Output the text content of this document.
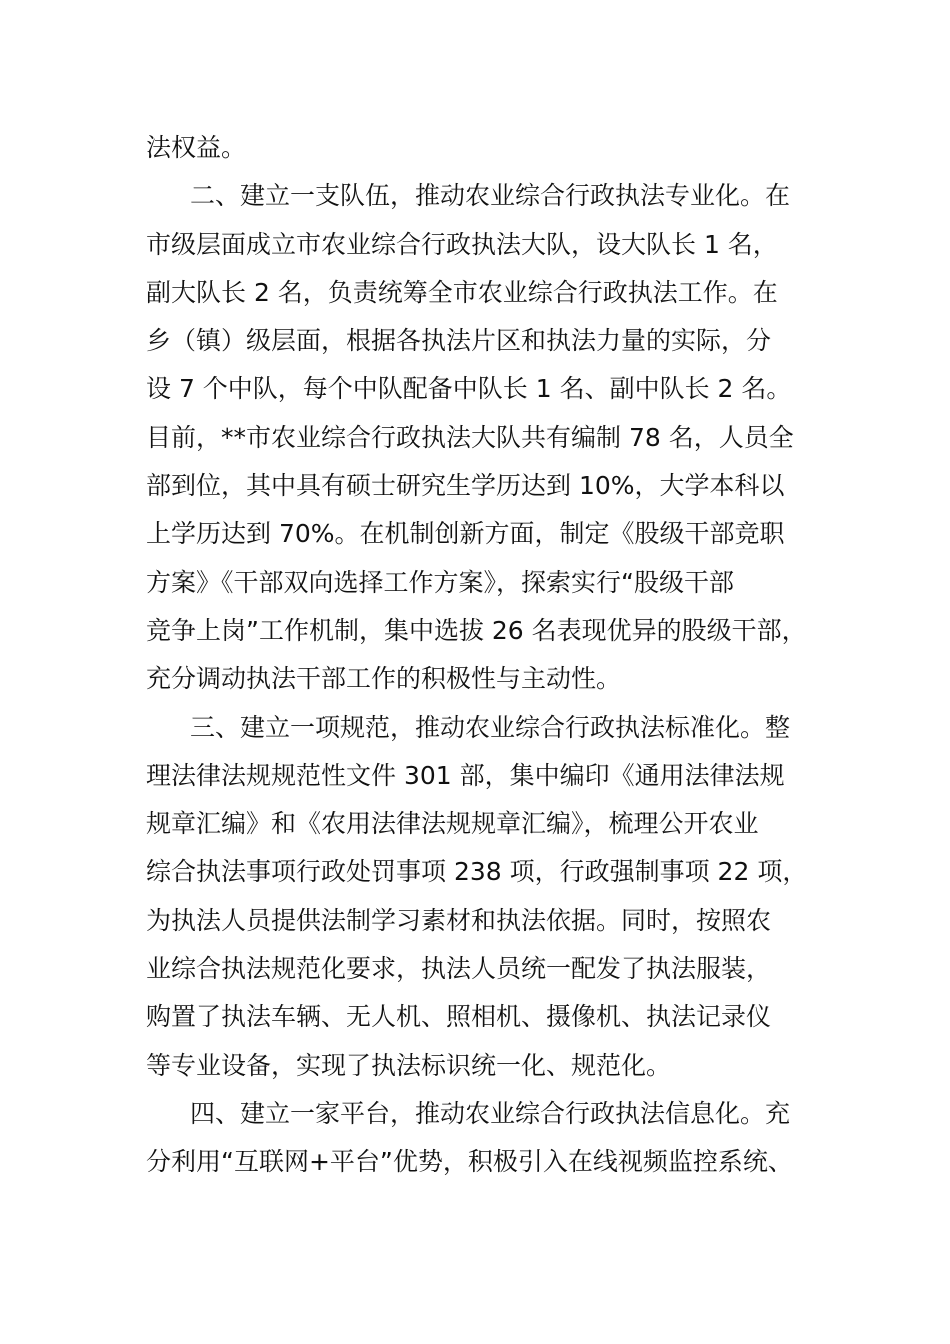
法权益。
二、建立一支队伍，推动农业综合行政执法专业化。在
市级层面成立市农业综合行政执法大队，设大队长 1 名，
副大队长 2 名，负责统筹全市农业综合行政执法工作。在
乡（镇）级层面，根据各执法片区和执法力量的实际，分
设 7 个中队，每个中队配备中队长 1 名、副中队长 2 名。
目前，**市农业综合行政执法大队共有编制 78 名，人员全
部到位，其中具有硕士研究生学历达到 10%，大学本科以
上学历达到 70%。在机制创新方面，制定《股级干部竞职
方案》《干部双向选择工作方案》，探索实行“股级干部
竞争上岗”工作机制，集中选拔 26 名表现优异的股级干部，
充分调动执法干部工作的积极性与主动性。
三、建立一项规范，推动农业综合行政执法标准化。整
理法律法规规范性文件 301 部，集中编印《通用法律法规
规章汇编》和《农用法律法规规章汇编》，梳理公开农业
综合执法事项行政处罚事项 238 项，行政强制事项 22 项，
为执法人员提供法制学习素材和执法依据。同时，按照农
业综合执法规范化要求，执法人员统一配发了执法服装，
购置了执法车辆、无人机、照相机、摄像机、执法记录仪
等专业设备，实现了执法标识统一化、规范化。
四、建立一家平台，推动农业综合行政执法信息化。充
分利用“互联网+平台”优势，积极引入在线视频监控系统、
